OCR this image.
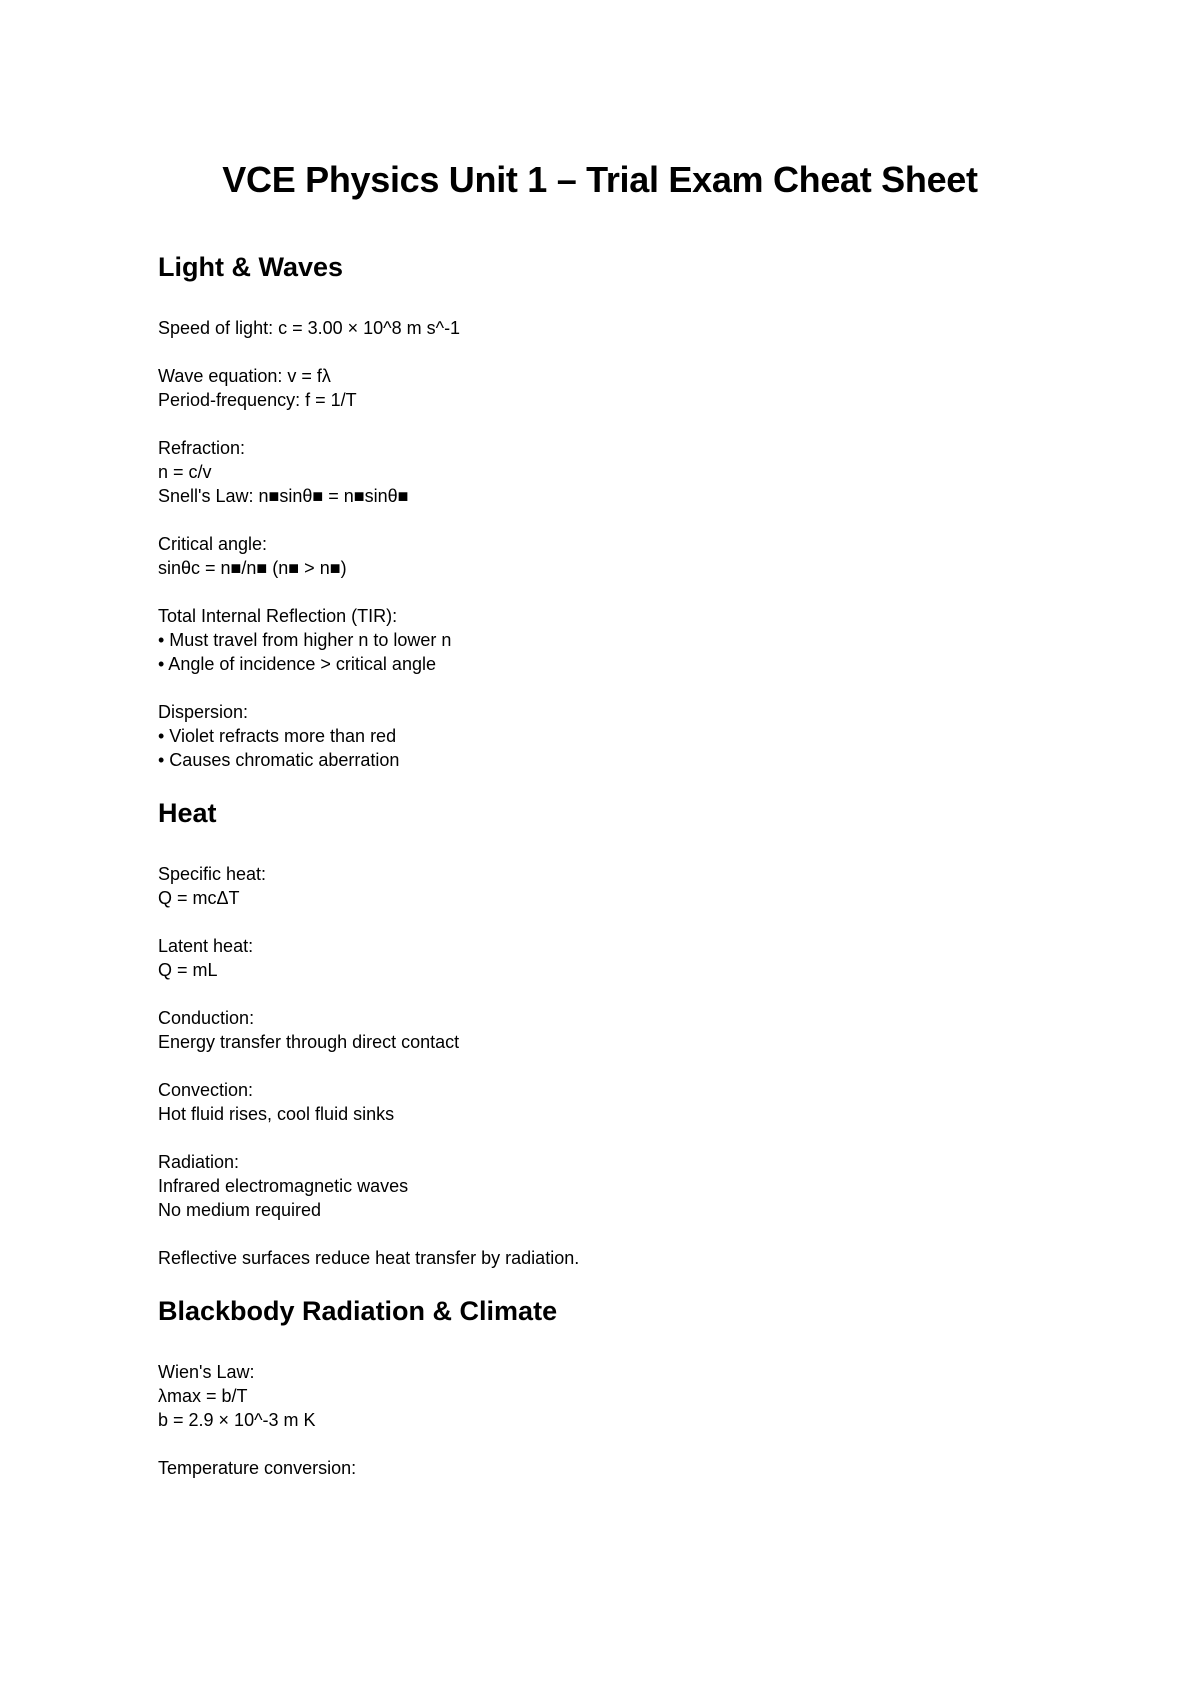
VCE Physics Unit 1 – Trial Exam Cheat Sheet
Light & Waves
Speed of light: c = 3.00 × 10^8 m s^-1
Wave equation: v = fλ
Period-frequency: f = 1/T
Refraction:
n = c/v
Snell's Law: n■sinθ■ = n■sinθ■
Critical angle:
sinθc = n■/n■ (n■ > n■)
Total Internal Reflection (TIR):
• Must travel from higher n to lower n
• Angle of incidence > critical angle
Dispersion:
• Violet refracts more than red
• Causes chromatic aberration
Heat
Specific heat:
Q = mcΔT
Latent heat:
Q = mL
Conduction:
Energy transfer through direct contact
Convection:
Hot fluid rises, cool fluid sinks
Radiation:
Infrared electromagnetic waves
No medium required
Reflective surfaces reduce heat transfer by radiation.
Blackbody Radiation & Climate
Wien's Law:
λmax = b/T
b = 2.9 × 10^-3 m K
Temperature conversion:
